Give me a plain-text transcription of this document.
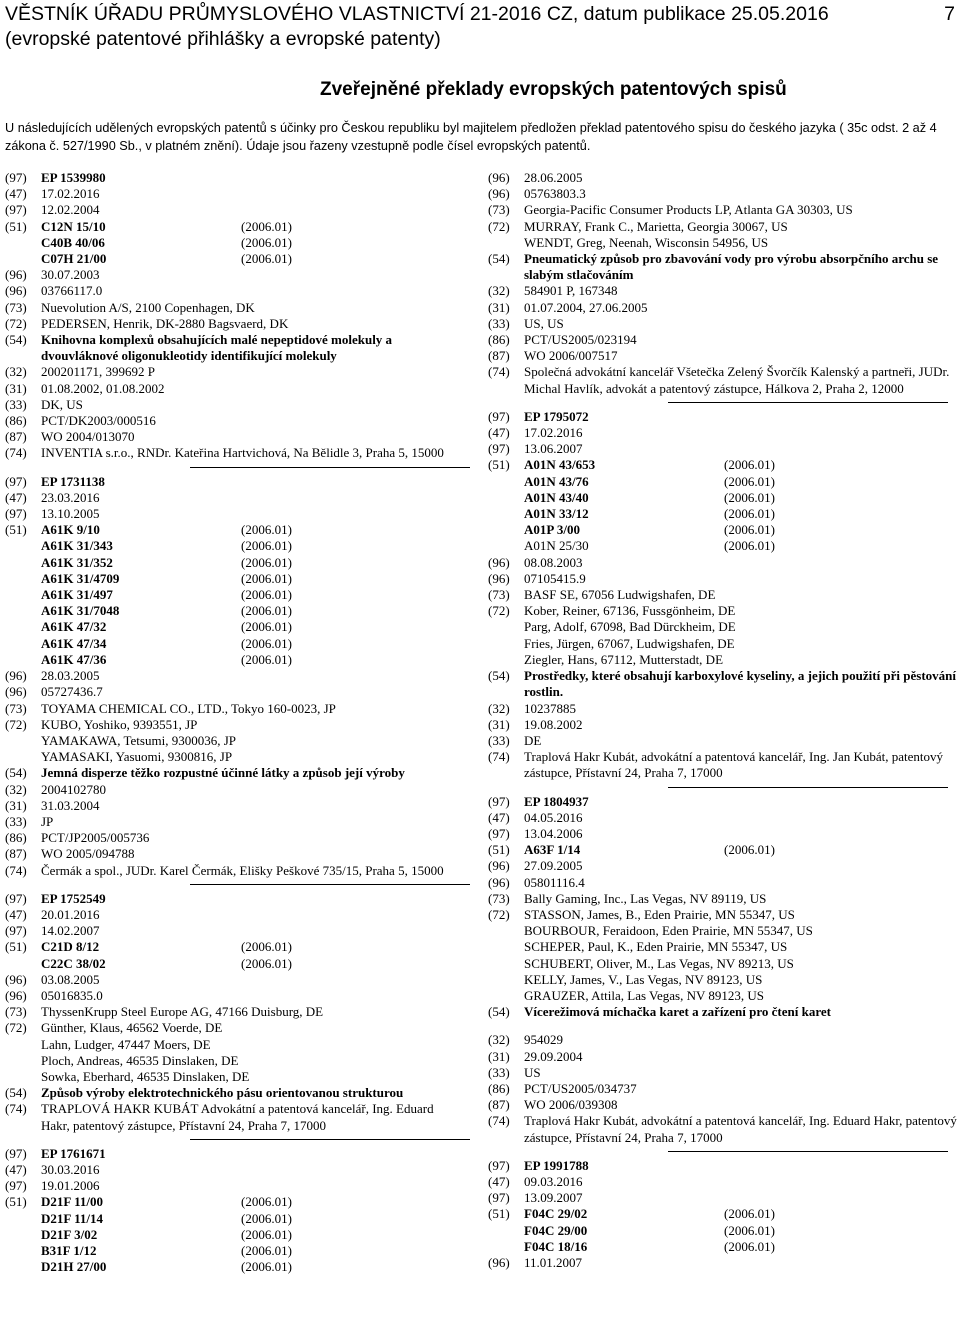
VĚSTNÍK ÚŘADU PRŮMYSLOVÉHO VLASTNICTVÍ 21-2016 CZ, datum publikace 25.05.2016
(evropské patentové přihlášky a evropské patenty)
7
Zveřejněné překlady evropských patentových spisů
U následujících udělených evropských patentů s účinky pro Českou republiku byl majitelem předložen překlad patentového spisu do českého jazyka ( 35c odst. 2 až 4 zákona č. 527/1990 Sb., v platném znění). Údaje jsou řazeny vzestupně podle čísel evropských patentů.
(97)	EP 1539980
(47)	17.02.2016
(97)	12.02.2004
(51)	C12N 15/10	(2006.01)
C40B 40/06	(2006.01)
C07H 21/00	(2006.01)
(96)	30.07.2003
(96)	03766117.0
(73)	Nuevolution A/S, 2100 Copenhagen, DK
(72)	PEDERSEN, Henrik, DK-2880 Bagsvaerd, DK
(54)	Knihovna komplexů obsahujících malé nepeptidové molekuly a dvouvláknové oligonukleotidy identifikující molekuly
(32)	200201171, 399692 P
(31)	01.08.2002, 01.08.2002
(33)	DK, US
(86)	PCT/DK2003/000516
(87)	WO 2004/013070
(74)	INVENTIA s.r.o., RNDr. Kateřina Hartvichová, Na Bělidle 3, Praha 5, 15000
(97)	EP 1731138
(47)	23.03.2016
(97)	13.10.2005
(51)	A61K 9/10	(2006.01)
A61K 31/343	(2006.01)
A61K 31/352	(2006.01)
A61K 31/4709	(2006.01)
A61K 31/497	(2006.01)
A61K 31/7048	(2006.01)
A61K 47/32	(2006.01)
A61K 47/34	(2006.01)
A61K 47/36	(2006.01)
(96)	28.03.2005
(96)	05727436.7
(73)	TOYAMA CHEMICAL CO., LTD., Tokyo 160-0023, JP
(72)	KUBO, Yoshiko, 9393551, JP
YAMAKAWA, Tetsumi, 9300036, JP
YAMASAKI, Yasuomi, 9300816, JP
(54)	Jemná disperze těžko rozpustné účinné látky a způsob její výroby
(32)	2004102780
(31)	31.03.2004
(33)	JP
(86)	PCT/JP2005/005736
(87)	WO 2005/094788
(74)	Čermák a spol., JUDr. Karel Čermák, Elišky Peškové 735/15, Praha 5, 15000
(97)	EP 1752549
(47)	20.01.2016
(97)	14.02.2007
(51)	C21D 8/12	(2006.01)
C22C 38/02	(2006.01)
(96)	03.08.2005
(96)	05016835.0
(73)	ThyssenKrupp Steel Europe AG, 47166 Duisburg, DE
(72)	Günther, Klaus, 46562 Voerde, DE
Lahn, Ludger, 47447 Moers, DE
Ploch, Andreas, 46535 Dinslaken, DE
Sowka, Eberhard, 46535 Dinslaken, DE
(54)	Způsob výroby elektrotechnického pásu orientovanou strukturou
(74)	TRAPLOVÁ HAKR KUBÁT Advokátní a patentová kancelář, Ing. Eduard Hakr, patentový zástupce, Přístavní 24, Praha 7, 17000
(97)	EP 1761671
(47)	30.03.2016
(97)	19.01.2006
(51)	D21F 11/00	(2006.01)
D21F 11/14	(2006.01)
D21F 3/02	(2006.01)
B31F 1/12	(2006.01)
D21H 27/00	(2006.01)
(96)	28.06.2005
(96)	05763803.3
(73)	Georgia-Pacific Consumer Products LP, Atlanta GA 30303, US
(72)	MURRAY, Frank C., Marietta, Georgia 30067, US
WENDT, Greg, Neenah, Wisconsin 54956, US
(54)	Pneumatický způsob pro zbavování vody pro výrobu absorpčního archu se slabým stlačováním
(32)	584901 P, 167348
(31)	01.07.2004, 27.06.2005
(33)	US, US
(86)	PCT/US2005/023194
(87)	WO 2006/007517
(74)	Společná advokátní kancelář Všetečka Zelený Švorčík Kalenský a partneři, JUDr. Michal Havlík, advokát a patentový zástupce, Hálkova 2, Praha 2, 12000
(97)	EP 1795072
(47)	17.02.2016
(97)	13.06.2007
(51)	A01N 43/653	(2006.01)
A01N 43/76	(2006.01)
A01N 43/40	(2006.01)
A01N 33/12	(2006.01)
A01P 3/00	(2006.01)
A01N 25/30	(2006.01)
(96)	08.08.2003
(96)	07105415.9
(73)	BASF SE, 67056 Ludwigshafen, DE
(72)	Kober, Reiner, 67136, Fussgönheim, DE
Parg, Adolf, 67098, Bad Dürckheim, DE
Fries, Jürgen, 67067, Ludwigshafen, DE
Ziegler, Hans, 67112, Mutterstadt, DE
(54)	Prostředky, které obsahují karboxylové kyseliny, a jejich použití při pěstování rostlin.
(32)	10237885
(31)	19.08.2002
(33)	DE
(74)	Traplová Hakr Kubát, advokátní a patentová kancelář, Ing. Jan Kubát, patentový zástupce, Přístavní 24, Praha 7, 17000
(97)	EP 1804937
(47)	04.05.2016
(97)	13.04.2006
(51)	A63F 1/14	(2006.01)
(96)	27.09.2005
(96)	05801116.4
(73)	Bally Gaming, Inc., Las Vegas, NV 89119, US
(72)	STASSON, James, B., Eden Prairie, MN 55347, US
BOURBOUR, Feraidoon, Eden Prairie, MN 55347, US
SCHEPER, Paul, K., Eden Prairie, MN 55347, US
SCHUBERT, Oliver, M., Las Vegas, NV 89213, US
KELLY, James, V., Las Vegas, NV 89123, US
GRAUZER, Attila, Las Vegas, NV 89123, US
(54)	Vícerežimová míchačka karet a zařízení pro čtení karet
(32)	954029
(31)	29.09.2004
(33)	US
(86)	PCT/US2005/034737
(87)	WO 2006/039308
(74)	Traplová Hakr Kubát, advokátní a patentová kancelář, Ing. Eduard Hakr, patentový zástupce, Přístavní 24, Praha 7, 17000
(97)	EP 1991788
(47)	09.03.2016
(97)	13.09.2007
(51)	F04C 29/02	(2006.01)
F04C 29/00	(2006.01)
F04C 18/16	(2006.01)
(96)	11.01.2007
